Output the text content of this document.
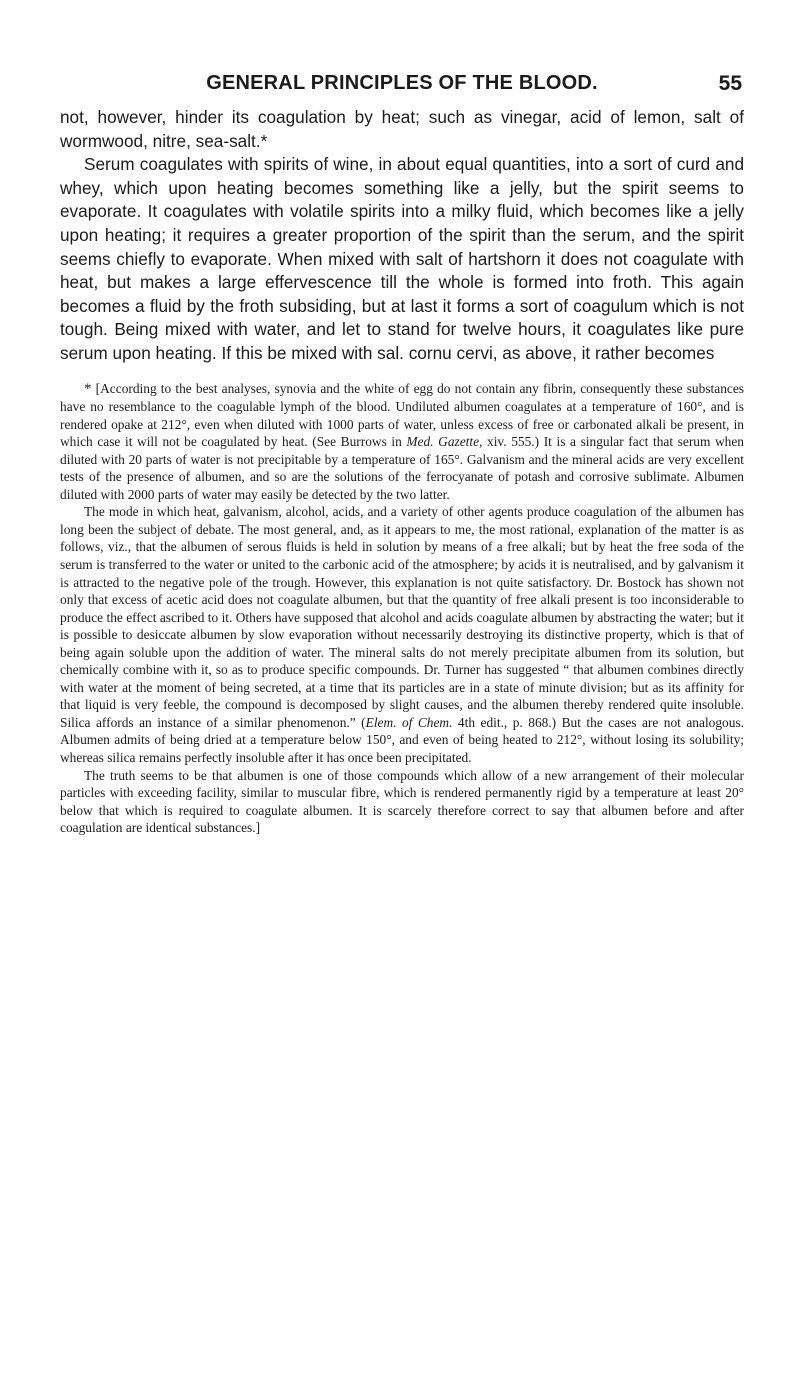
GENERAL PRINCIPLES OF THE BLOOD.	55

not, however, hinder its coagulation by heat; such as vinegar, acid of lemon, salt of wormwood, nitre, sea-salt.*

Serum coagulates with spirits of wine, in about equal quantities, into a sort of curd and whey, which upon heating becomes something like a jelly, but the spirit seems to evaporate. It coagulates with volatile spirits into a milky fluid, which becomes like a jelly upon heating; it requires a greater proportion of the spirit than the serum, and the spirit seems chiefly to evaporate. When mixed with salt of hartshorn it does not coagulate with heat, but makes a large effervescence till the whole is formed into froth. This again becomes a fluid by the froth subsiding, but at last it forms a sort of coagulum which is not tough. Being mixed with water, and let to stand for twelve hours, it coagulates like pure serum upon heating. If this be mixed with sal. cornu cervi, as above, it rather becomes

* [According to the best analyses, synovia and the white of egg do not contain any fibrin, consequently these substances have no resemblance to the coagulable lymph of the blood. Undiluted albumen coagulates at a temperature of 160°, and is rendered opake at 212°, even when diluted with 1000 parts of water, unless excess of free or carbonated alkali be present, in which case it will not be coagulated by heat. (See Burrows in Med. Gazette, xiv. 555.) It is a singular fact that serum when diluted with 20 parts of water is not precipitable by a temperature of 165°. Galvanism and the mineral acids are very excellent tests of the presence of albumen, and so are the solutions of the ferrocyanate of potash and corrosive sublimate. Albumen diluted with 2000 parts of water may easily be detected by the two latter.

The mode in which heat, galvanism, alcohol, acids, and a variety of other agents produce coagulation of the albumen has long been the subject of debate. The most general, and, as it appears to me, the most rational, explanation of the matter is as follows, viz., that the albumen of serous fluids is held in solution by means of a free alkali; but by heat the free soda of the serum is transferred to the water or united to the carbonic acid of the atmosphere; by acids it is neutralised, and by galvanism it is attracted to the negative pole of the trough. However, this explanation is not quite satisfactory. Dr. Bostock has shown not only that excess of acetic acid does not coagulate albumen, but that the quantity of free alkali present is too inconsiderable to produce the effect ascribed to it. Others have supposed that alcohol and acids coagulate albumen by abstracting the water; but it is possible to desiccate albumen by slow evaporation without necessarily destroying its distinctive property, which is that of being again soluble upon the addition of water. The mineral salts do not merely precipitate albumen from its solution, but chemically combine with it, so as to produce specific compounds. Dr. Turner has suggested “ that albumen combines directly with water at the moment of being secreted, at a time that its particles are in a state of minute division; but as its affinity for that liquid is very feeble, the compound is decomposed by slight causes, and the albumen thereby rendered quite insoluble. Silica affords an instance of a similar phenomenon.” (Elem. of Chem. 4th edit., p. 868.) But the cases are not analogous. Albumen admits of being dried at a temperature below 150°, and even of being heated to 212°, without losing its solubility; whereas silica remains perfectly insoluble after it has once been precipitated.

The truth seems to be that albumen is one of those compounds which allow of a new arrangement of their molecular particles with exceeding facility, similar to muscular fibre, which is rendered permanently rigid by a temperature at least 20° below that which is required to coagulate albumen. It is scarcely therefore correct to say that albumen before and after coagulation are identical substances.]
